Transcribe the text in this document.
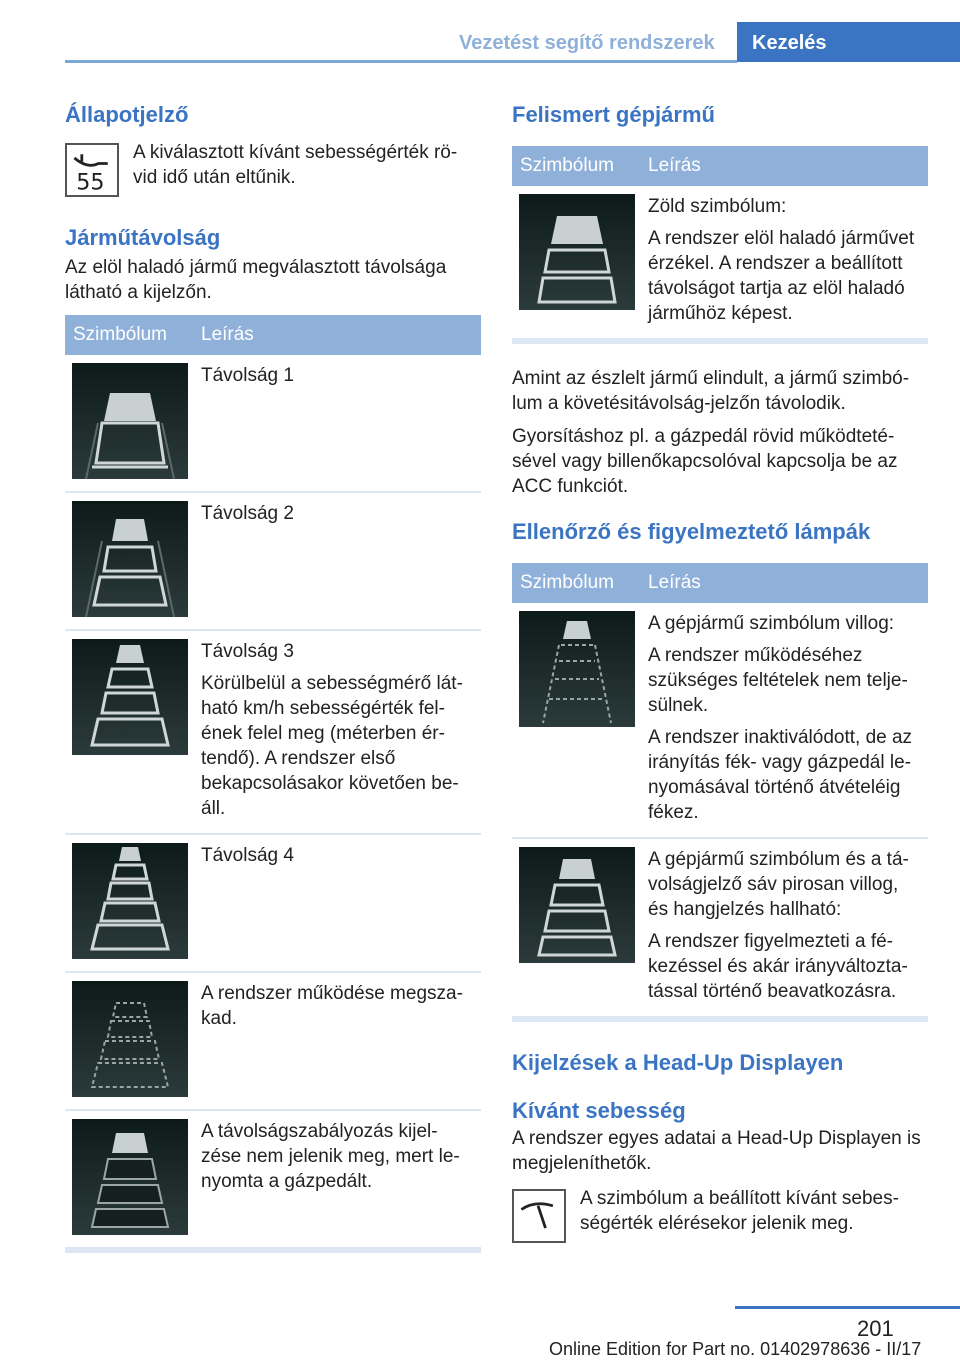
Vezetést segítő rendszerek	Kezelés
Állapotjelző
55
A kiválasztott kívánt sebességérték rö- vid idő után eltűnik.
Járműtávolság

Az elöl haladó jármű megválasztott távolsága látható a kijelzőn.

Szimbólum	Leírás

Távolság 1

Távolság 2

Távolság 3

Körülbelül a sebességmérő lát- ható km/h sebességérték fel- ének felel meg (méterben ér- tendő). A rendszer első bekapcsolásakor követően be- áll.

Távolság 4

A rendszer működése megsza- kad.

A távolságszabályozás kijel- zése nem jelenik meg, mert le- nyomta a gázpedált.

Felismert gépjármű
Szimbólum	Leírás

Zöld szimbólum:

A rendszer elöl haladó járművet érzékel. A rendszer a beállított távolságot tartja az elöl haladó járműhöz képest.

Amint az észlelt jármű elindult, a jármű szimbó- lum a követésitávolság-jelzőn távolodik.

Gyorsításhoz pl. a gázpedál rövid működteté- sével vagy billenőkapcsolóval kapcsolja be az ACC funkciót.

Ellenőrző és figyelmeztető lámpák
Szimbólum	Leírás

A gépjármű szimbólum villog:

A rendszer működéséhez szükséges feltételek nem telje- sülnek.

A rendszer inaktiválódott, de az irányítás fék- vagy gázpedál le- nyomásával történő átvételéig fékez.

A gépjármű szimbólum és a tá- volságjelző sáv pirosan villog, és hangjelzés hallható:

A rendszer figyelmezteti a fé- kezéssel és akár irányváltozta- tással történő beavatkozásra.

Kijelzések a Head-Up Displayen
Kívánt sebesség

A rendszer egyes adatai a Head-Up Displayen is megjeleníthetők.

A szimbólum a beállított kívánt sebes- ségérték elérésekor jelenik meg.
201
Online Edition for Part no. 01402978636 - II/17
